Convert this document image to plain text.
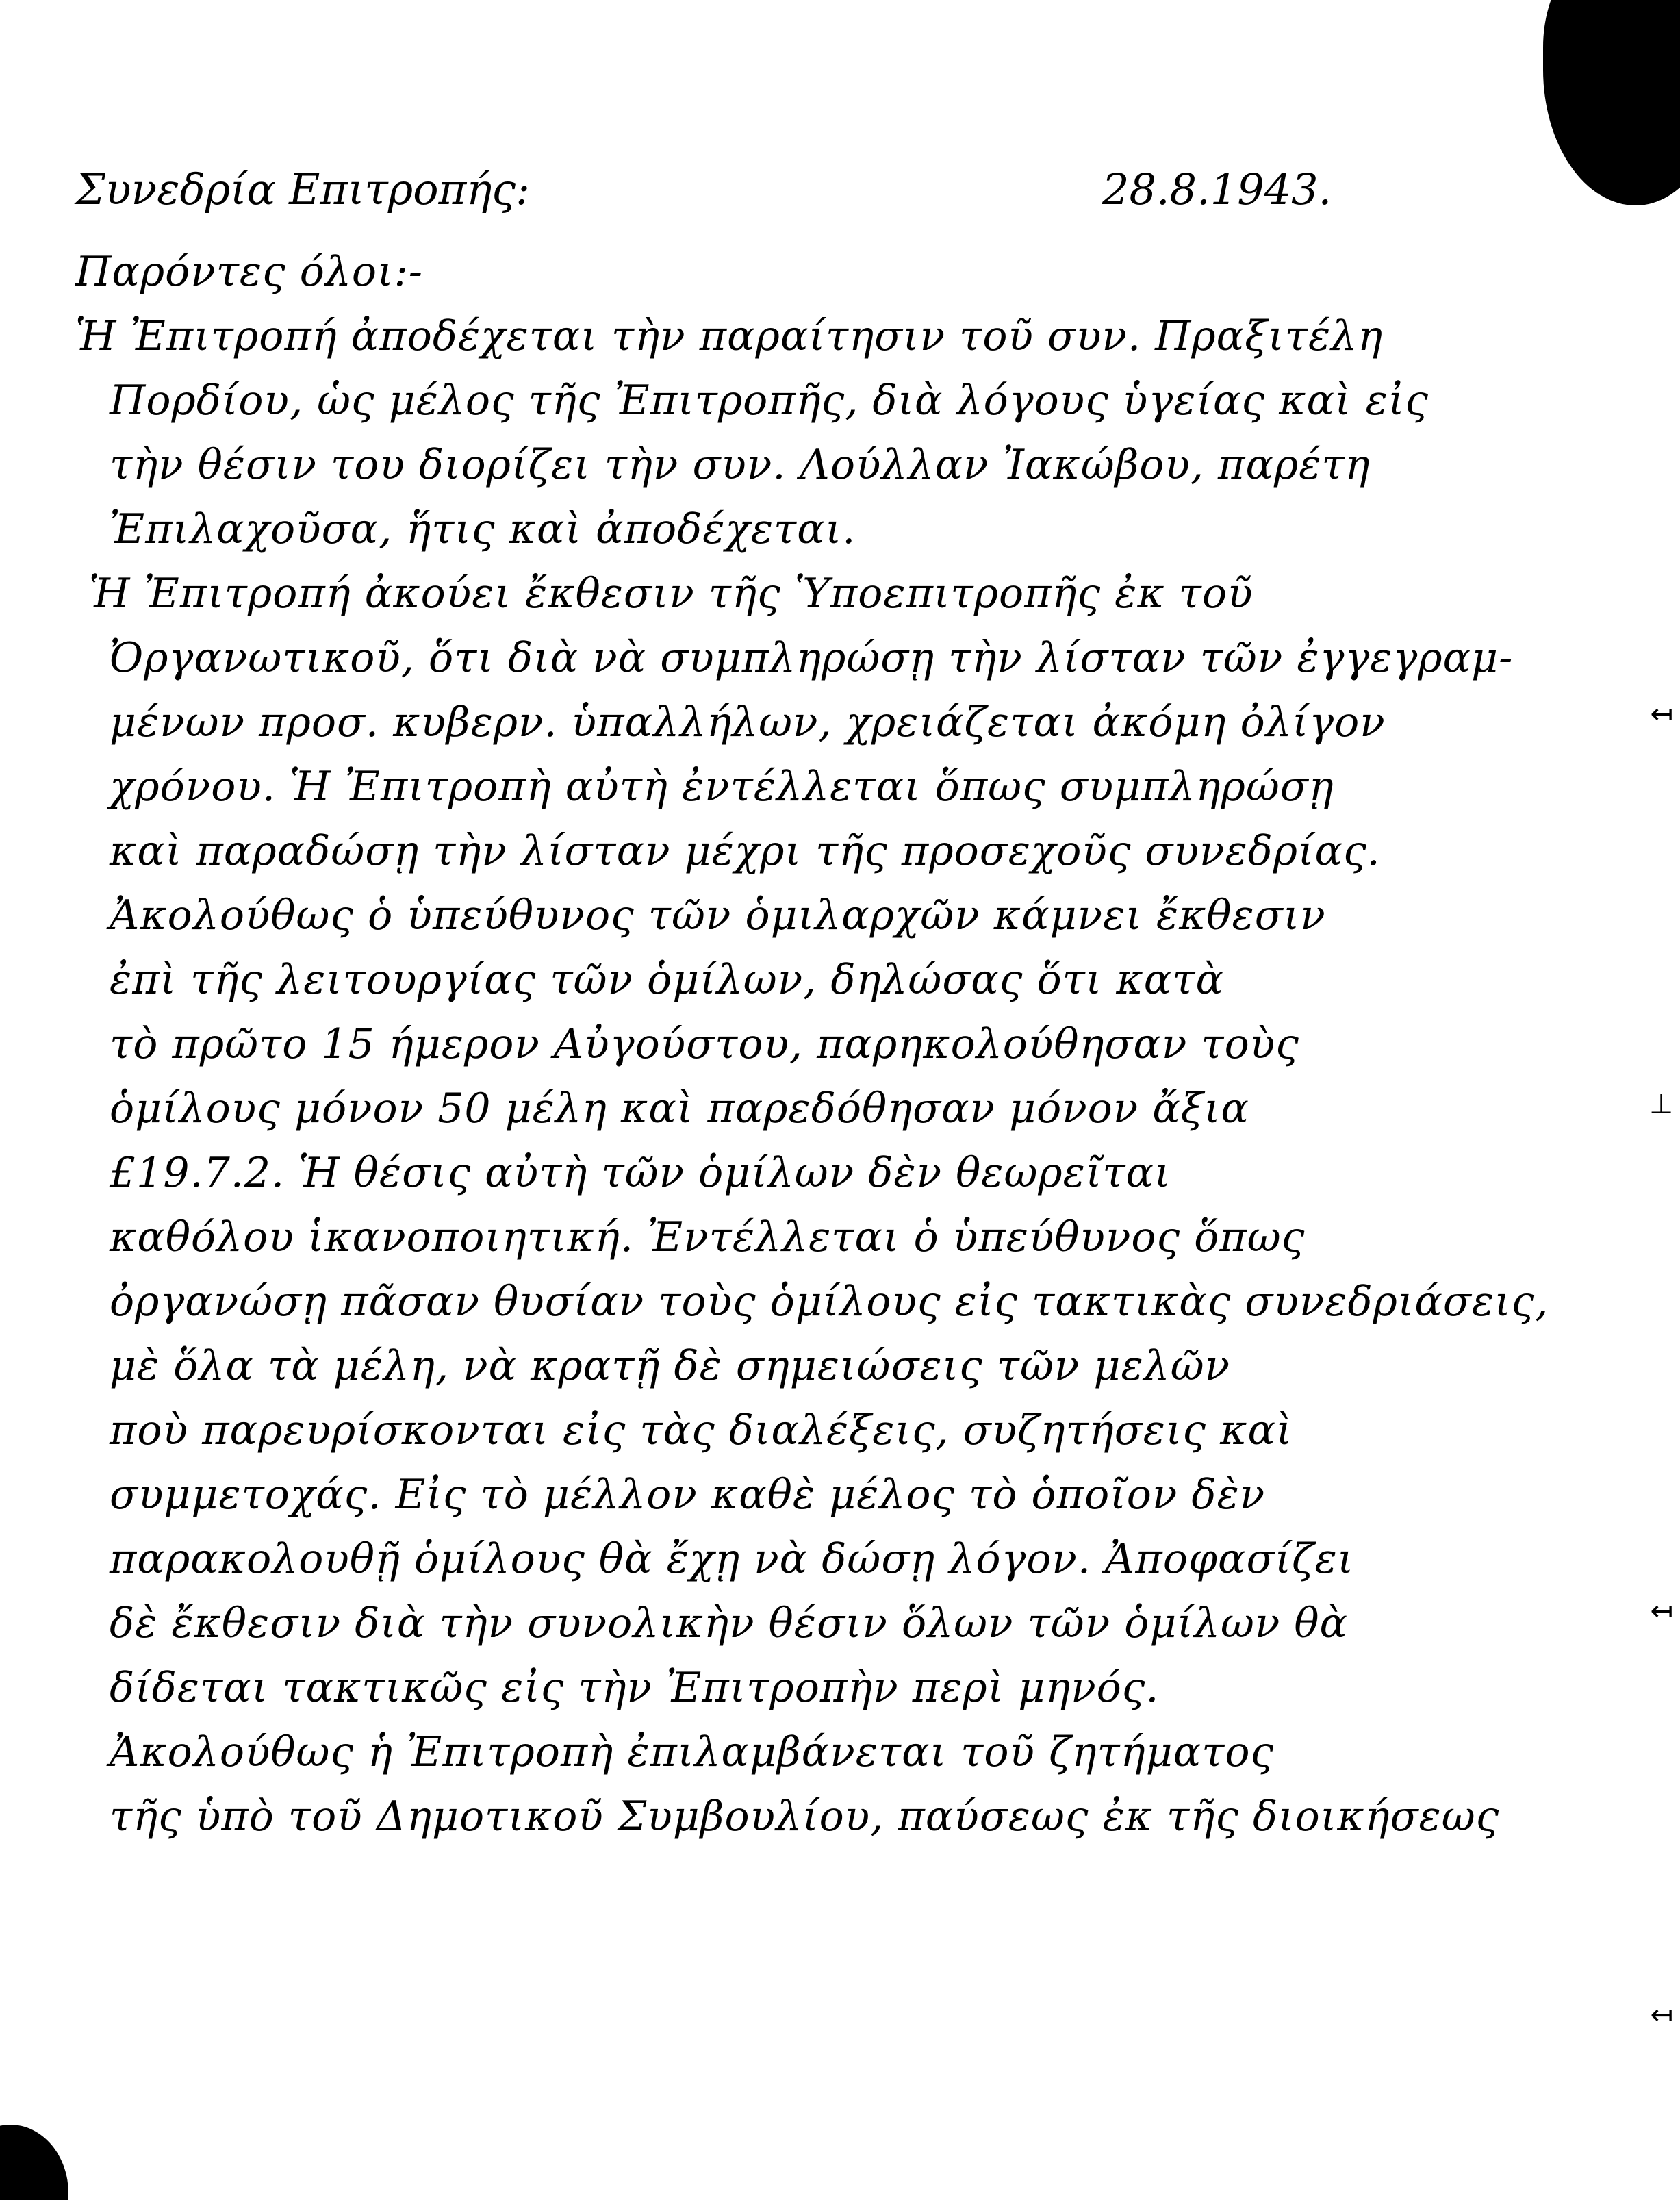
↤
⊥
↤
↤
Συνεδρία Επιτροπής:	28.8.1943.
Παρόντες όλοι:-
Ἡ Ἐπιτροπή ἀποδέχεται τὴν παραίτησιν τοῦ συν. Πραξιτέλη
Πορδίου, ὡς μέλος τῆς Ἐπιτροπῆς, διὰ λόγους ὑγείας καὶ εἰς
τὴν θέσιν του διορίζει τὴν συν. Λούλλαν Ἰακώβου, παρέτη
Ἐπιλαχοῦσα, ἥτις καὶ ἀποδέχεται.
Ἡ Ἐπιτροπή ἀκούει ἔκθεσιν τῆς Ὑποεπιτροπῆς ἐκ τοῦ
Ὀργανωτικοῦ, ὅτι διὰ νὰ συμπληρώσῃ τὴν λίσταν τῶν ἐγγεγραμ-
μένων προσ. κυβερν. ὑπαλλήλων, χρειάζεται ἀκόμη ὀλίγον
χρόνου. Ἡ Ἐπιτροπὴ αὐτὴ ἐντέλλεται ὅπως συμπληρώσῃ
καὶ παραδώσῃ τὴν λίσταν μέχρι τῆς προσεχοῦς συνεδρίας.
Ἀκολούθως ὁ ὑπεύθυνος τῶν ὁμιλαρχῶν κάμνει ἔκθεσιν
ἐπὶ τῆς λειτουργίας τῶν ὁμίλων, δηλώσας ὅτι κατὰ
τὸ πρῶτο 15 ήμερον Αὐγούστου, παρηκολούθησαν τοὺς
ὁμίλους μόνον 50 μέλη καὶ παρεδόθησαν μόνον ἄξια
£19.7.2. Ἡ θέσις αὐτὴ τῶν ὁμίλων δὲν θεωρεῖται
καθόλου ἱκανοποιητική. Ἐντέλλεται ὁ ὑπεύθυνος ὅπως
ὀργανώσῃ πᾶσαν θυσίαν τοὺς ὁμίλους εἰς τακτικὰς συνεδριάσεις,
μὲ ὅλα τὰ μέλη, νὰ κρατῇ δὲ σημειώσεις τῶν μελῶν
ποὺ παρευρίσκονται εἰς τὰς διαλέξεις, συζητήσεις καὶ
συμμετοχάς. Εἰς τὸ μέλλον καθὲ μέλος τὸ ὁποῖον δὲν
παρακολουθῇ ὁμίλους θὰ ἔχῃ νὰ δώσῃ λόγον. Ἀποφασίζει
δὲ ἔκθεσιν διὰ τὴν συνολικὴν θέσιν ὅλων τῶν ὁμίλων θὰ
δίδεται τακτικῶς εἰς τὴν Ἐπιτροπὴν περὶ μηνός.
Ἀκολούθως ἡ Ἐπιτροπὴ ἐπιλαμβάνεται τοῦ ζητήματος
τῆς ὑπὸ τοῦ Δημοτικοῦ Συμβουλίου, παύσεως ἐκ τῆς διοικήσεως
